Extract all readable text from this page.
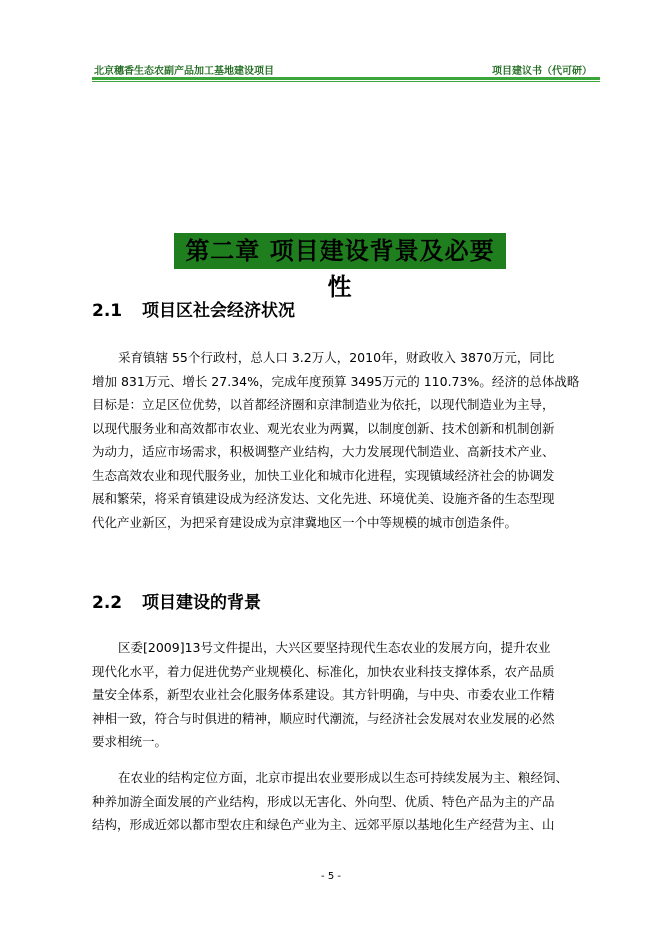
北京穗香生态农副产品加工基地建设项目	项目建议书（代可研）
第二章 项目建设背景及必要性
2.1 项目区社会经济状况
采育镇辖 55个行政村，总人口 3.2万人，2010年，财政收入 3870万元，同比
增加 831万元、增长 27.34%，完成年度预算 3495万元的 110.73%。经济的总体战略
目标是：立足区位优势，以首都经济圈和京津制造业为依托，以现代制造业为主导，
以现代服务业和高效都市农业、观光农业为两翼，以制度创新、技术创新和机制创新
为动力，适应市场需求，积极调整产业结构，大力发展现代制造业、高新技术产业、
生态高效农业和现代服务业，加快工业化和城市化进程，实现镇域经济社会的协调发
展和繁荣，将采育镇建设成为经济发达、文化先进、环境优美、设施齐备的生态型现
代化产业新区，为把采育建设成为京津冀地区一个中等规模的城市创造条件。
2.2 项目建设的背景
区委[2009]13号文件提出，大兴区要坚持现代生态农业的发展方向，提升农业
现代化水平，着力促进优势产业规模化、标准化，加快农业科技支撑体系，农产品质
量安全体系，新型农业社会化服务体系建设。其方针明确，与中央、市委农业工作精
神相一致，符合与时俱进的精神，顺应时代潮流，与经济社会发展对农业发展的必然
要求相统一。
在农业的结构定位方面，北京市提出农业要形成以生态可持续发展为主、粮经饲、
种养加游全面发展的产业结构，形成以无害化、外向型、优质、特色产品为主的产品
结构，形成近郊以都市型农庄和绿色产业为主、远郊平原以基地化生产经营为主、山
- 5 -
